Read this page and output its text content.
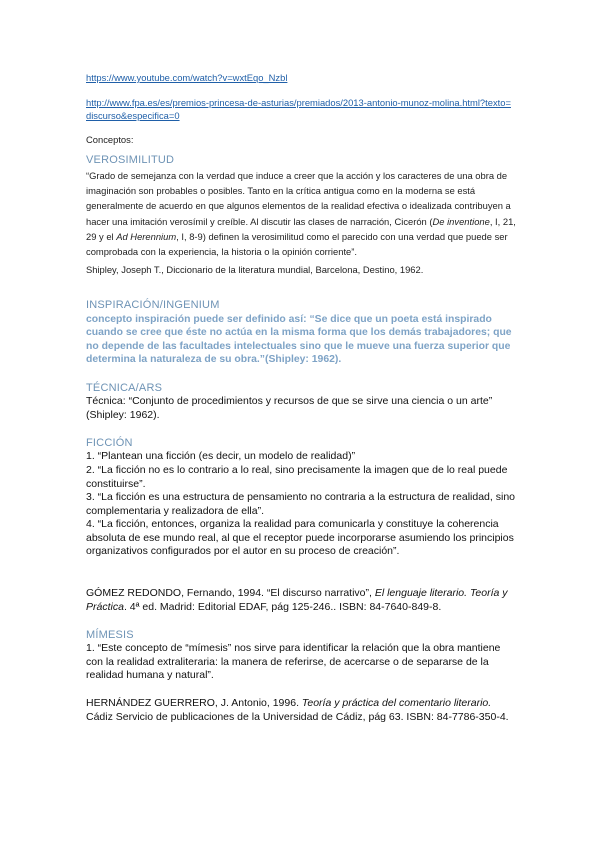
https://www.youtube.com/watch?v=wxtEqo_Nzbl
http://www.fpa.es/es/premios-princesa-de-asturias/premiados/2013-antonio-munoz-molina.html?texto=discurso&especifica=0

Conceptos:

VEROSIMILITUD

“Grado de semejanza con la verdad que induce a creer que la acción y los caracteres de una obra de imaginación son probables o posibles. Tanto en la crítica antigua como en la moderna se está generalmente de acuerdo en que algunos elementos de la realidad efectiva o idealizada contribuyen a hacer una imitación verosímil y creíble. Al discutir las clases de narración, Cicerón (De inventione, I, 21, 29 y el Ad Herennium, I, 8-9) definen la verosimilitud como el parecido con una verdad que puede ser comprobada con la experiencia, la historia o la opinión corriente”.

Shipley, Joseph T., Diccionario de la literatura mundial, Barcelona, Destino, 1962.

INSPIRACIÓN/INGENIUM

concepto inspiración puede ser definido así: “Se dice que un poeta está inspirado cuando se cree que éste no actúa en la misma forma que los demás trabajadores; que no depende de las facultades intelectuales sino que le mueve una fuerza superior que determina la naturaleza de su obra.”(Shipley: 1962).

TÉCNICA/ARS

Técnica: “Conjunto de procedimientos y recursos de que se sirve una ciencia o un arte” (Shipley: 1962).

FICCIÓN

1. “Plantean una ficción (es decir, un modelo de realidad)”

2. “La ficción no es lo contrario a lo real, sino precisamente la imagen que de lo real puede constituirse”.

3. “La ficción es una estructura de pensamiento no contraria a la estructura de realidad, sino complementaria y realizadora de ella”.

4. “La ficción, entonces, organiza la realidad para comunicarla y constituye la coherencia absoluta de ese mundo real, al que el receptor puede incorporarse asumiendo los principios organizativos configurados por el autor en su proceso de creación”.

GÓMEZ REDONDO, Fernando, 1994. “El discurso narrativo”, El lenguaje literario. Teoría y Práctica. 4ª ed. Madrid: Editorial EDAF, pág 125-246.. ISBN: 84-7640-849-8.

MÍMESIS

1. “Este concepto de “mímesis” nos sirve para identificar la relación que la obra mantiene con la realidad extraliteraria: la manera de referirse, de acercarse o de separarse de la realidad humana y natural”.

HERNÁNDEZ GUERRERO, J. Antonio, 1996. Teoría y práctica del comentario literario. Cádiz Servicio de publicaciones de la Universidad de Cádiz, pág 63. ISBN: 84-7786-350-4.
